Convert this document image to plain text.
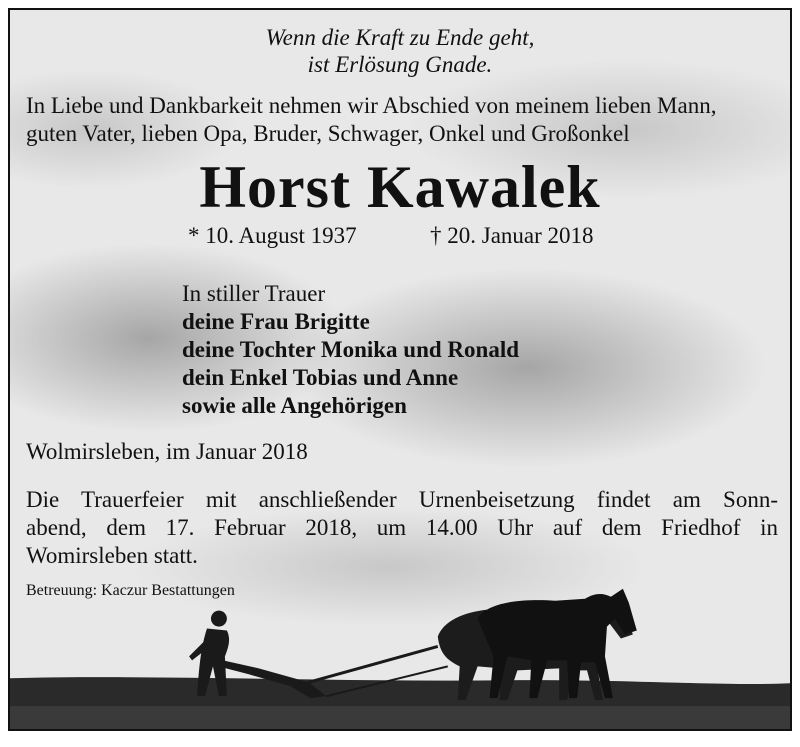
Wenn die Kraft zu Ende geht,
ist Erlösung Gnade.
In Liebe und Dankbarkeit nehmen wir Abschied von meinem lieben Mann,
guten Vater, lieben Opa, Bruder, Schwager, Onkel und Großonkel
Horst Kawalek
* 10. August 1937	† 20. Januar 2018
In stiller Trauer
deine Frau Brigitte
deine Tochter Monika und Ronald
dein Enkel Tobias und Anne
sowie alle Angehörigen
Wolmirsleben, im Januar 2018
Die Trauerfeier mit anschließender Urnenbeisetzung findet am Sonn-
abend, dem 17. Februar 2018, um 14.00 Uhr auf dem Friedhof in
Womirsleben statt.
Betreuung: Kaczur Bestattungen
